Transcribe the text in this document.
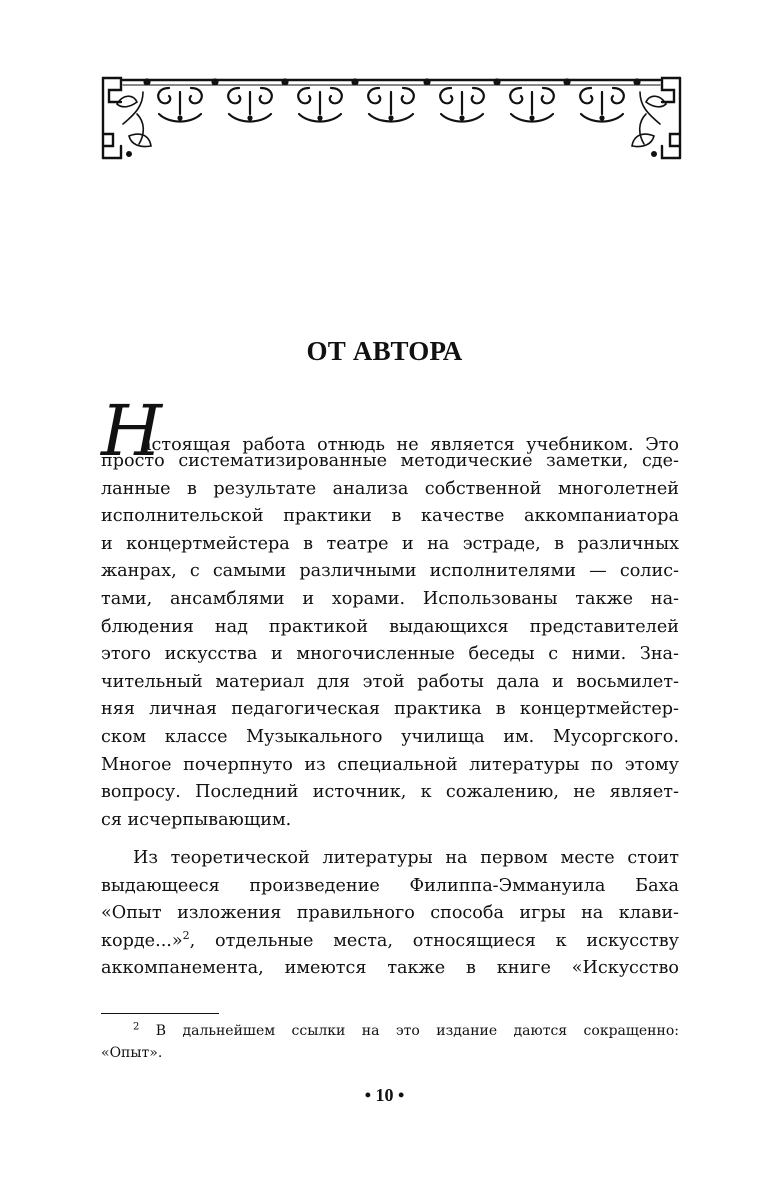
ОТ АВТОРА
Н
астоящая работа отнюдь не является учебником. Это
просто систематизированные методические заметки, сде-
ланные в результате анализа собственной многолетней
исполнительской практики в качестве аккомпаниатора
и концертмейстера в театре и на эстраде, в различных
жанрах, с самыми различными исполнителями — солис-
тами, ансамблями и хорами. Использованы также на-
блюдения над практикой выдающихся представителей
этого искусства и многочисленные беседы с ними. Зна-
чительный материал для этой работы дала и восьмилет-
няя личная педагогическая практика в концертмейстер-
ском классе Музыкального училища им. Мусоргского.
Многое почерпнуто из специальной литературы по этому
вопросу. Последний источник, к сожалению, не являет-
ся исчерпывающим.
Из теоретической литературы на первом месте стоит
выдающееся произведение Филиппа-Эммануила Баха
«Опыт изложения правильного способа игры на клави-
корде...»$^2$, отдельные места, относящиеся к искусству
аккомпанемента, имеются также в книге «Искусство
$^2$ В дальнейшем ссылки на это издание даются сокращенно:
«Опыт».
• 10 •
